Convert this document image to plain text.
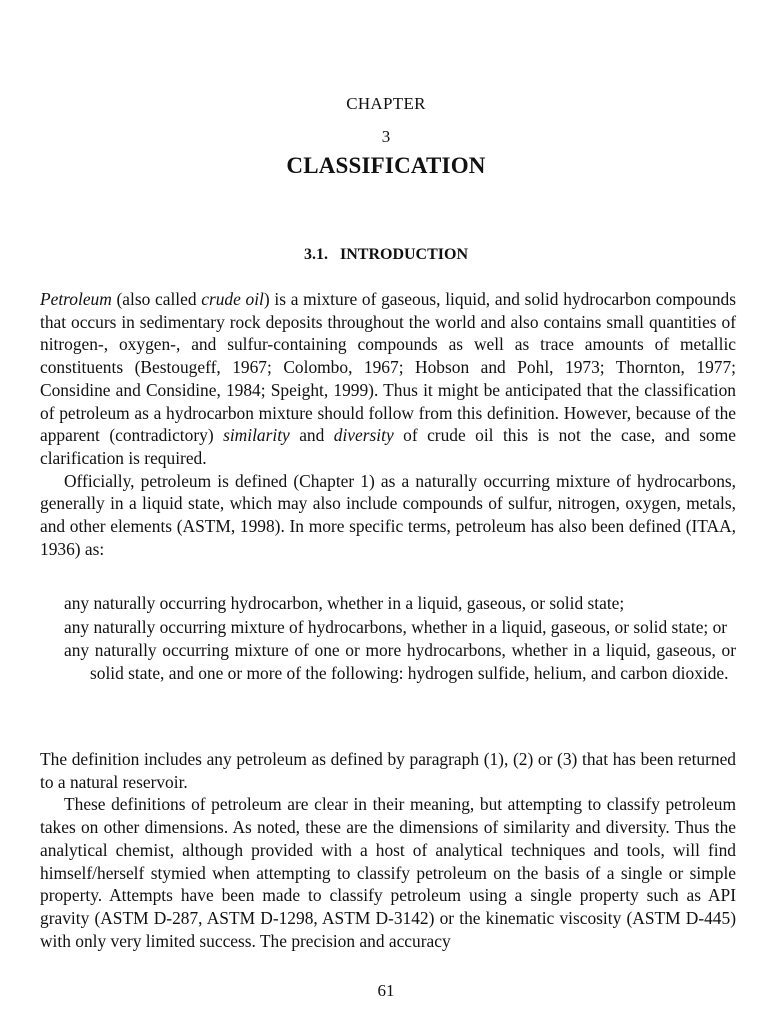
CHAPTER
3
CLASSIFICATION
3.1. INTRODUCTION

Petroleum (also called crude oil) is a mixture of gaseous, liquid, and solid hydrocarbon compounds that occurs in sedimentary rock deposits throughout the world and also contains small quantities of nitrogen-, oxygen-, and sulfur-containing compounds as well as trace amounts of metallic constituents (Bestougeff, 1967; Colombo, 1967; Hobson and Pohl, 1973; Thornton, 1977; Considine and Considine, 1984; Speight, 1999). Thus it might be anticipated that the classification of petroleum as a hydrocarbon mixture should follow from this definition. However, because of the apparent (contradictory) similarity and diversity of crude oil this is not the case, and some clarification is required.

Officially, petroleum is defined (Chapter 1) as a naturally occurring mixture of hydrocarbons, generally in a liquid state, which may also include compounds of sulfur, nitrogen, oxygen, metals, and other elements (ASTM, 1998). In more specific terms, petroleum has also been defined (ITAA, 1936) as:

any naturally occurring hydrocarbon, whether in a liquid, gaseous, or solid state;

any naturally occurring mixture of hydrocarbons, whether in a liquid, gaseous, or solid state; or

any naturally occurring mixture of one or more hydrocarbons, whether in a liquid, gaseous, or solid state, and one or more of the following: hydrogen sulfide, helium, and carbon dioxide.

The definition includes any petroleum as defined by paragraph (1), (2) or (3) that has been returned to a natural reservoir.

These definitions of petroleum are clear in their meaning, but attempting to classify petroleum takes on other dimensions. As noted, these are the dimensions of similarity and diversity. Thus the analytical chemist, although provided with a host of analytical techniques and tools, will find himself/herself stymied when attempting to classify petroleum on the basis of a single or simple property. Attempts have been made to classify petroleum using a single property such as API gravity (ASTM D-287, ASTM D-1298, ASTM D-3142) or the kinematic viscosity (ASTM D-445) with only very limited success. The precision and accuracy

61
